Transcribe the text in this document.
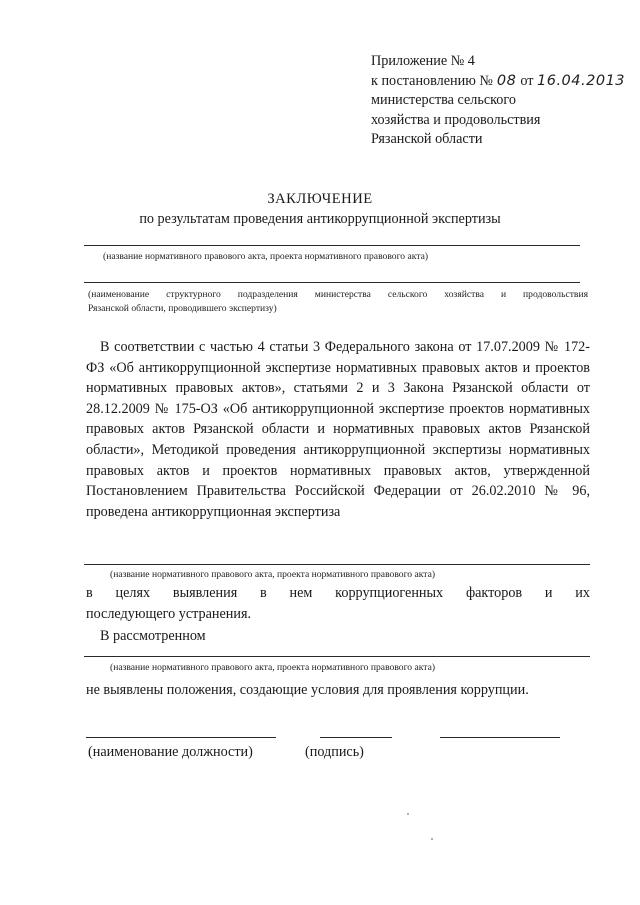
Приложение № 4
к постановлению № 08 от 16.04.2013
министерства сельского
хозяйства и продовольствия
Рязанской области
ЗАКЛЮЧЕНИЕ
по результатам проведения антикоррупционной экспертизы
(название нормативного правового акта, проекта нормативного правового акта)
(наименование структурного подразделения министерства сельского хозяйства и продовольствия
Рязанской области, проводившего экспертизу)
В соответствии с частью 4 статьи 3 Федерального закона от 17.07.2009 № 172-ФЗ «Об антикоррупционной экспертизе нормативных правовых актов и проектов нормативных правовых актов», статьями 2 и 3 Закона Рязанской области от 28.12.2009 № 175-ОЗ «Об антикоррупционной экспертизе проектов нормативных правовых актов Рязанской области и нормативных правовых актов Рязанской области», Методикой проведения антикоррупционной экспертизы нормативных правовых актов и проектов нормативных правовых актов, утвержденной Постановлением Правительства Российской Федерации от 26.02.2010 № 96, проведена антикоррупционная экспертиза
(название нормативного правового акта, проекта нормативного правового акта)
в целях выявления в нем коррупциогенных факторов и их
последующего устранения.
В рассмотренном
(название нормативного правового акта, проекта нормативного правового акта)
не выявлены положения, создающие условия для проявления коррупции.
(наименование должности)	(подпись)
